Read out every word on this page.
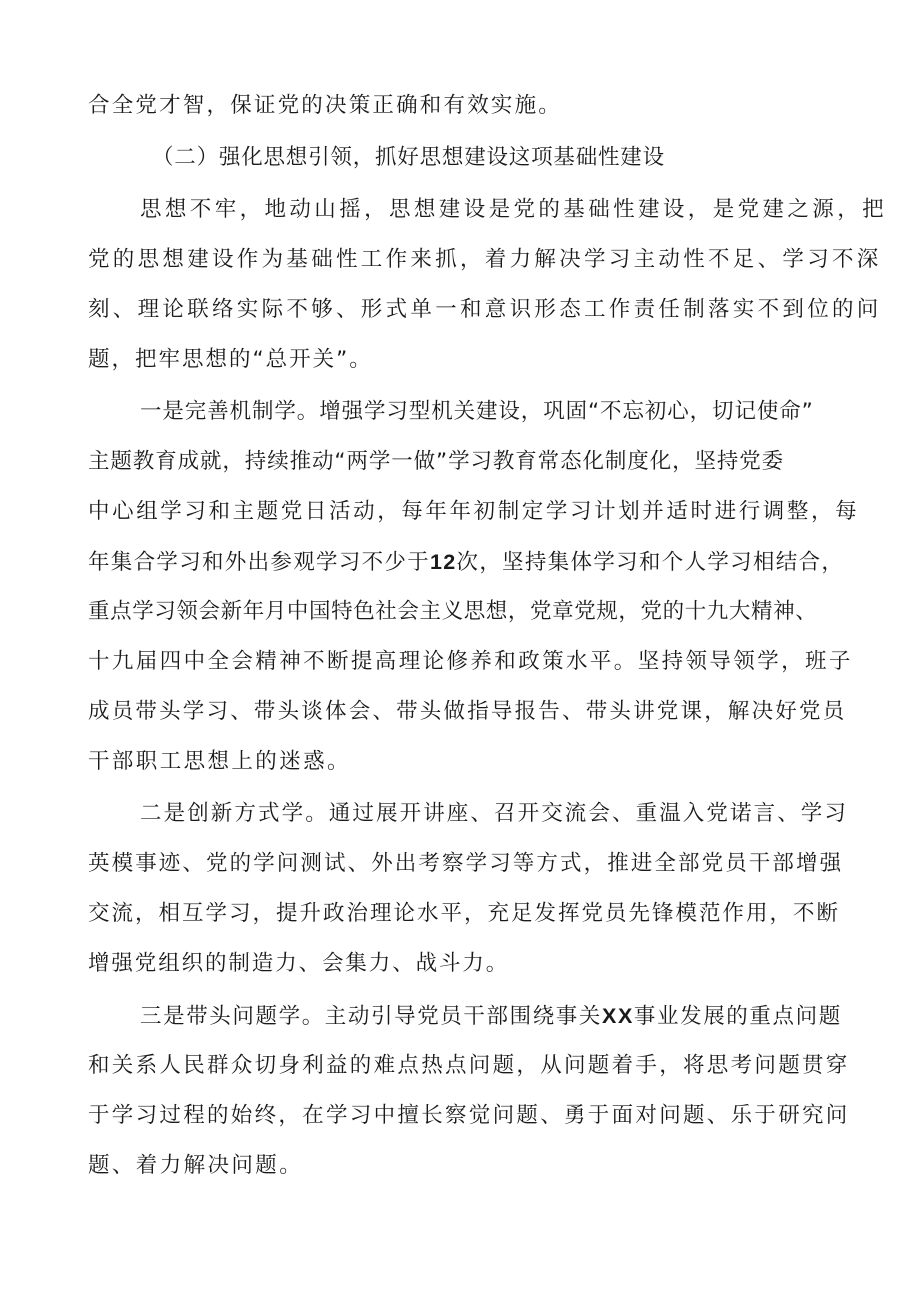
合全党才智，保证党的决策正确和有效实施。
（二）强化思想引领，抓好思想建设这项基础性建设
思想不牢，地动山摇，思想建设是党的基础性建设，是党建之源，把
党的思想建设作为基础性工作来抓，着力解决学习主动性不足、学习不深
刻、理论联络实际不够、形式单一和意识形态工作责任制落实不到位的问
题，把牢思想的“总开关”。
一是完善机制学。增强学习型机关建设，巩固“不忘初心，切记使命”
主题教育成就，持续推动“两学一做”学习教育常态化制度化，坚持党委
中心组学习和主题党日活动，每年年初制定学习计划并适时进行调整，每
年集合学习和外出参观学习不少于12次，坚持集体学习和个人学习相结合，
重点学习领会新年月中国特色社会主义思想，党章党规，党的十九大精神、
十九届四中全会精神不断提高理论修养和政策水平。坚持领导领学，班子
成员带头学习、带头谈体会、带头做指导报告、带头讲党课，解决好党员
干部职工思想上的迷惑。
二是创新方式学。通过展开讲座、召开交流会、重温入党诺言、学习
英模事迹、党的学问测试、外出考察学习等方式，推进全部党员干部增强
交流，相互学习，提升政治理论水平，充足发挥党员先锋模范作用，不断
增强党组织的制造力、会集力、战斗力。
三是带头问题学。主动引导党员干部围绕事关XX事业发展的重点问题
和关系人民群众切身利益的难点热点问题，从问题着手，将思考问题贯穿
于学习过程的始终，在学习中擅长察觉问题、勇于面对问题、乐于研究问
题、着力解决问题。
